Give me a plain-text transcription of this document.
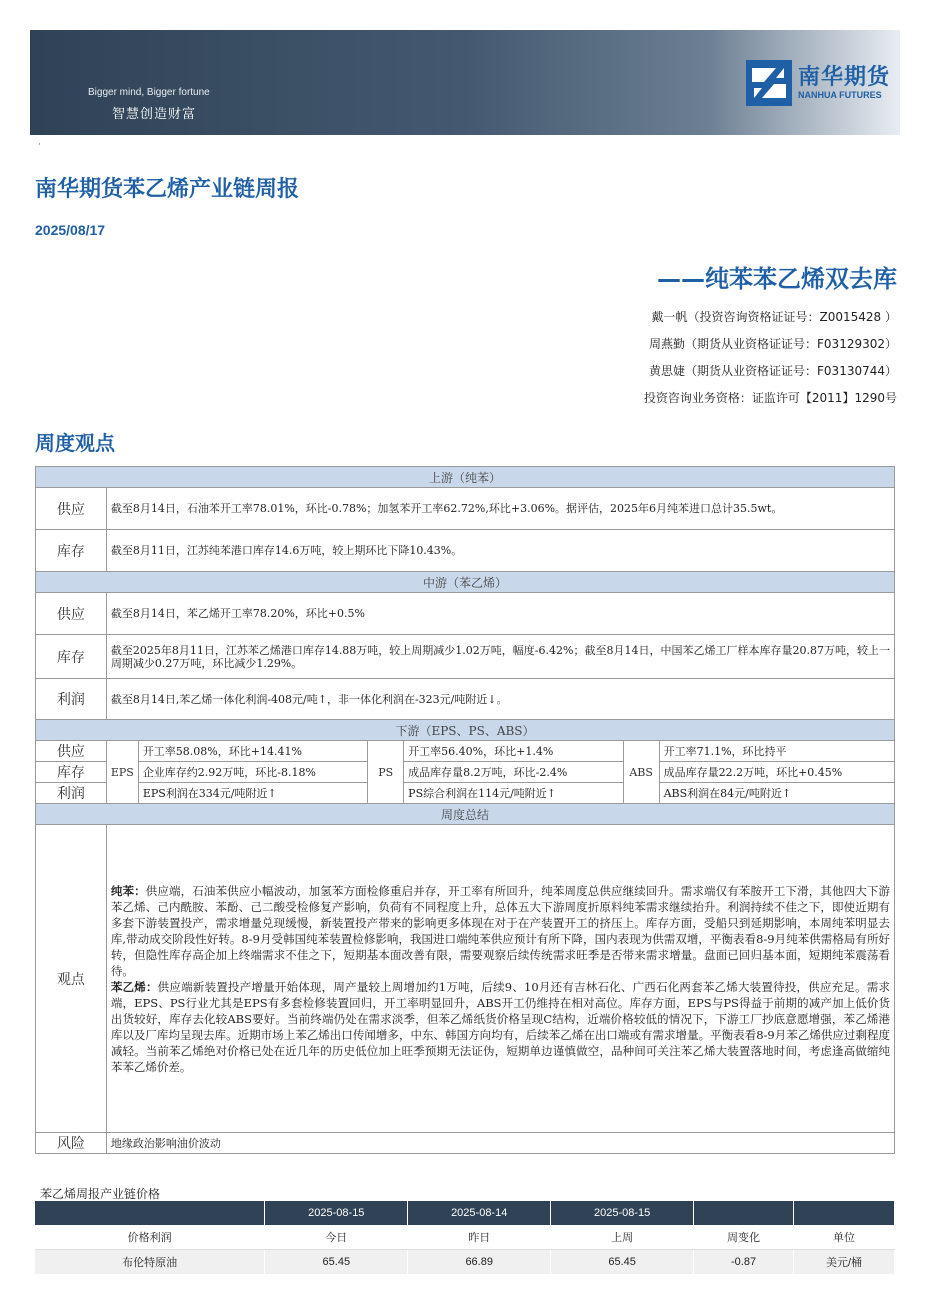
Bigger mind, Bigger fortune
智慧创造财富
南华期货
NANHUA FUTURES
·
南华期货苯乙烯产业链周报
2025/08/17
——纯苯苯乙烯双去库
戴一帆（投资咨询资格证证号：Z0015428 ）
周燕勤（期货从业资格证证号：F03129302）
黄思婕（期货从业资格证证号：F03130744）
投资咨询业务资格：证监许可【2011】1290号
周度观点
上游（纯苯）						
供应	截至8月14日，石油苯开工率78.01%，环比-0.78%；加氢苯开工率62.72%,环比+3.06%。据评估，2025年6月纯苯进口总计35.5wt。					
库存	截至8月11日，江苏纯苯港口库存14.6万吨，较上期环比下降10.43%。					
中游（苯乙烯）						
供应	截至8月14日，苯乙烯开工率78.20%，环比+0.5%					
库存	截至2025年8月11日，江苏苯乙烯港口库存14.88万吨，较上周期减少1.02万吨，幅度-6.42%；截至8月14日，中国苯乙烯工厂样本库存量20.87万吨，较上一周期减少0.27万吨，环比减少1.29%。					
利润	截至8月14日,苯乙烯一体化利润-408元/吨↑，非一体化利润在-323元/吨附近↓。					
下游（EPS、PS、ABS）						
供应	EPS	开工率58.08%，环比+14.41%	PS	开工率56.40%，环比+1.4%	ABS	开工率71.1%，环比持平
库存		企业库存约2.92万吨，环比-8.18%		成品库存量8.2万吨，环比-2.4%		成品库存量22.2万吨，环比+0.45%
利润		EPS利润在334元/吨附近↑		PS综合利润在114元/吨附近↑		ABS利润在84元/吨附近↑
周度总结						
观点	纯苯：供应端，石油苯供应小幅波动，加氢苯方面检修重启并存，开工率有所回升，纯苯周度总供应继续回升。需求端仅有苯胺开工下滑，其他四大下游苯乙烯、己内酰胺、苯酚、己二酸受检修复产影响，负荷有不同程度上升，总体五大下游周度折原料纯苯需求继续抬升。利润持续不佳之下，即使近期有多套下游装置投产，需求增量兑现缓慢，新装置投产带来的影响更多体现在对于在产装置开工的挤压上。库存方面，受船只到延期影响，本周纯苯明显去库,带动成交阶段性好转。8-9月受韩国纯苯装置检修影响，我国进口端纯苯供应预计有所下降，国内表现为供需双增，平衡表看8-9月纯苯供需格局有所好转，但隐性库存高企加上终端需求不佳之下，短期基本面改善有限，需要观察后续传统需求旺季是否带来需求增量。盘面已回归基本面，短期纯苯震荡看待。

苯乙烯：供应端新装置投产增量开始体现，周产量较上周增加约1万吨，后续9、10月还有吉林石化、广西石化两套苯乙烯大装置待投，供应充足。需求端，EPS、PS行业尤其是EPS有多套检修装置回归，开工率明显回升，ABS开工仍维持在相对高位。库存方面，EPS与PS得益于前期的减产加上低价货出货较好，库存去化较ABS要好。当前终端仍处在需求淡季，但苯乙烯纸货价格呈现C结构，近端价格较低的情况下，下游工厂抄底意愿增强，苯乙烯港库以及厂库均呈现去库。近期市场上苯乙烯出口传闻增多，中东、韩国方向均有，后续苯乙烯在出口端或有需求增量。平衡表看8-9月苯乙烯供应过剩程度减轻。当前苯乙烯绝对价格已处在近几年的历史低位加上旺季预期无法证伪，短期单边谨慎做空，品种间可关注苯乙烯大装置落地时间，考虑逢高做缩纯苯苯乙烯价差。					

风险	地缘政治影响油价波动					
苯乙烯周报产业链价格
	2025-08-15	2025-08-14	2025-08-15		
价格利润	今日	昨日	上周	周变化	单位
布伦特原油	65.45	66.89	65.45	-0.87	美元/桶
